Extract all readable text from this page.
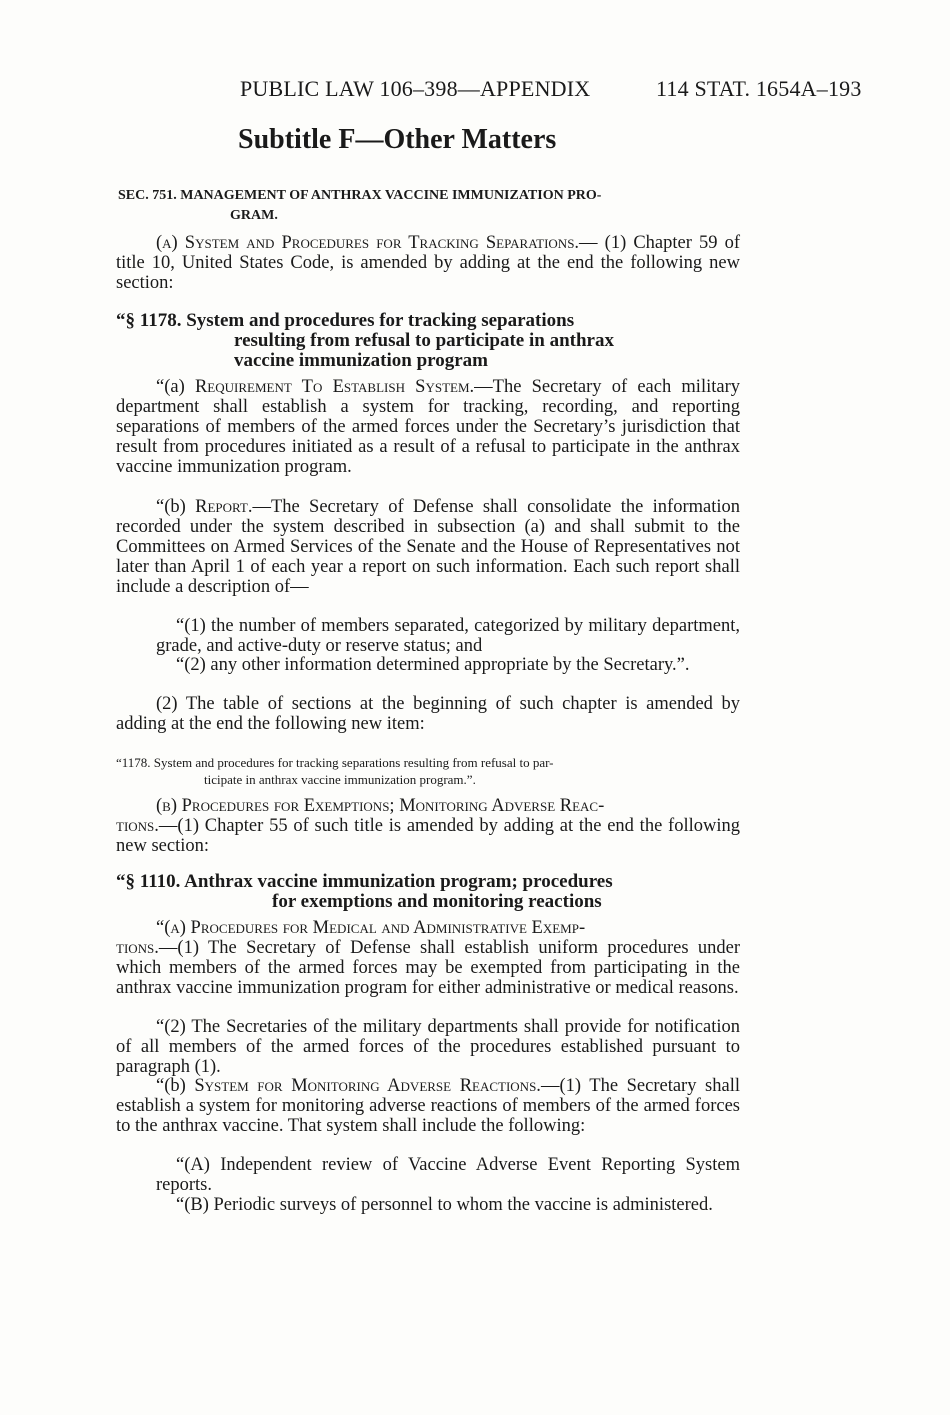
PUBLIC LAW 106–398—APPENDIX	114 STAT. 1654A–193
Subtitle F—Other Matters
SEC. 751. MANAGEMENT OF ANTHRAX VACCINE IMMUNIZATION PRO-
GRAM.
(a) System and Procedures for Tracking Separations.— (1) Chapter 59 of title 10, United States Code, is amended by adding at the end the following new section:
“§ 1178. System and procedures for tracking separations
resulting from refusal to participate in anthrax
vaccine immunization program
“(a) Requirement To Establish System.—The Secretary of each military department shall establish a system for tracking, recording, and reporting separations of members of the armed forces under the Secretary’s jurisdiction that result from procedures initiated as a result of a refusal to participate in the anthrax vaccine immunization program.
“(b) Report.—The Secretary of Defense shall consolidate the information recorded under the system described in subsection (a) and shall submit to the Committees on Armed Services of the Senate and the House of Representatives not later than April 1 of each year a report on such information. Each such report shall include a description of—
“(1) the number of members separated, categorized by military department, grade, and active-duty or reserve status; and
“(2) any other information determined appropriate by the Secretary.”.
(2) The table of sections at the beginning of such chapter is amended by adding at the end the following new item:
“1178. System and procedures for tracking separations resulting from refusal to par-
ticipate in anthrax vaccine immunization program.”.
(b) Procedures for Exemptions; Monitoring Adverse Reac-
tions.—(1) Chapter 55 of such title is amended by adding at the end the following new section:
“§ 1110. Anthrax vaccine immunization program; procedures
for exemptions and monitoring reactions
“(a) Procedures for Medical and Administrative Exemp-
tions.—(1) The Secretary of Defense shall establish uniform procedures under which members of the armed forces may be exempted from participating in the anthrax vaccine immunization program for either administrative or medical reasons.
“(2) The Secretaries of the military departments shall provide for notification of all members of the armed forces of the procedures established pursuant to paragraph (1).
“(b) System for Monitoring Adverse Reactions.—(1) The Secretary shall establish a system for monitoring adverse reactions of members of the armed forces to the anthrax vaccine. That system shall include the following:
“(A) Independent review of Vaccine Adverse Event Reporting System reports.
“(B) Periodic surveys of personnel to whom the vaccine is administered.
